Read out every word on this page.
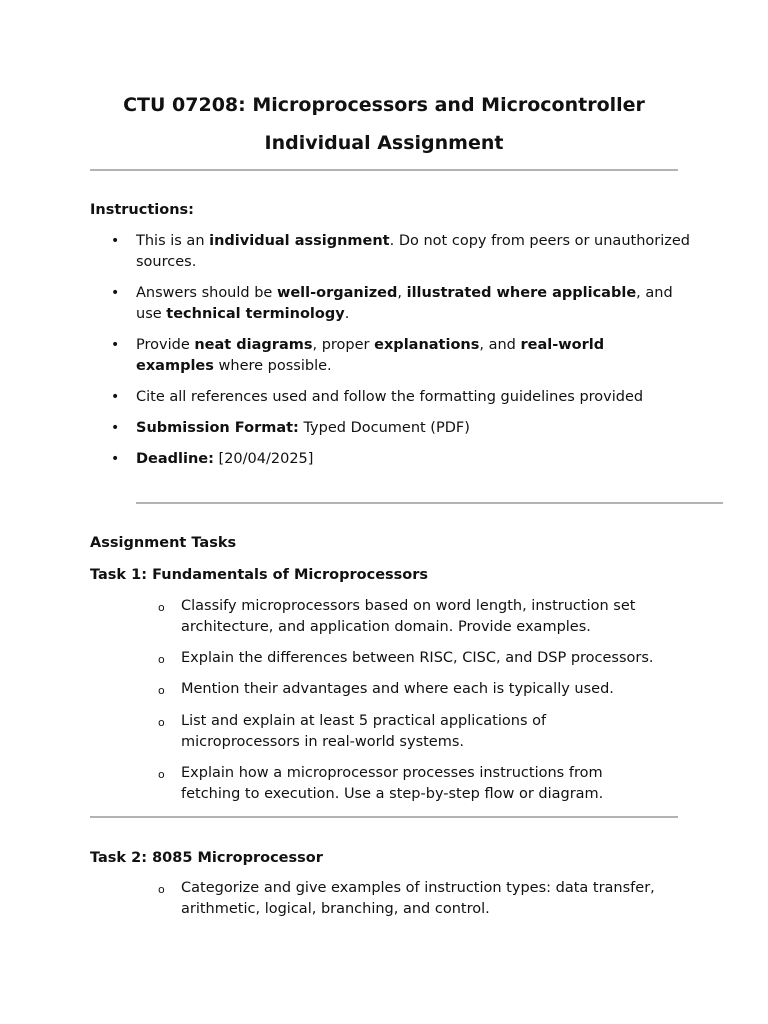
CTU 07208: Microprocessors and Microcontroller
Individual Assignment
Instructions:
• This is an individual assignment. Do not copy from peers or unauthorized sources.
• Answers should be well-organized, illustrated where applicable, and use technical terminology.
• Provide neat diagrams, proper explanations, and real-world examples where possible.
• Cite all references used and follow the formatting guidelines provided
• Submission Format: Typed Document (PDF)
• Deadline: [20/04/2025]
Assignment Tasks
Task 1: Fundamentals of Microprocessors
o Classify microprocessors based on word length, instruction set architecture, and application domain. Provide examples.
o Explain the differences between RISC, CISC, and DSP processors.
o Mention their advantages and where each is typically used.
o List and explain at least 5 practical applications of microprocessors in real-world systems.
o Explain how a microprocessor processes instructions from fetching to execution. Use a step-by-step flow or diagram.
Task 2: 8085 Microprocessor
o Categorize and give examples of instruction types: data transfer, arithmetic, logical, branching, and control.
